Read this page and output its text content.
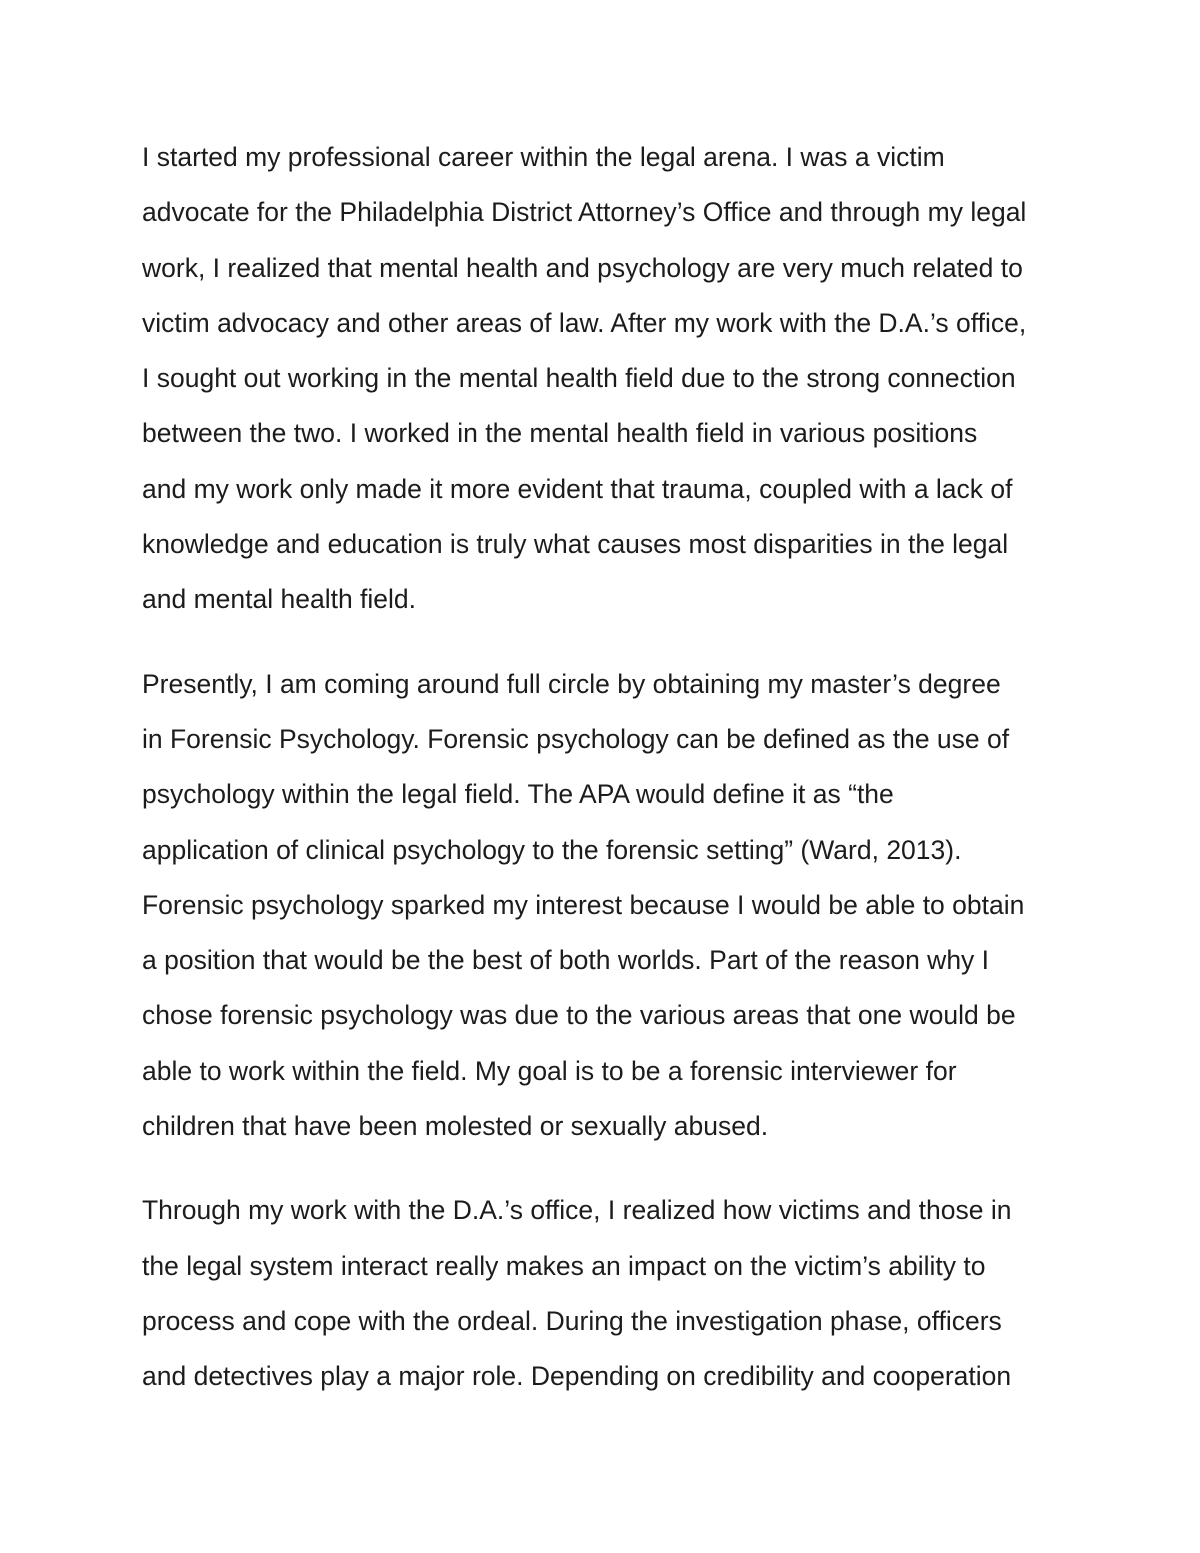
I started my professional career within the legal arena. I was a victim
advocate for the Philadelphia District Attorney’s Office and through my legal
work, I realized that mental health and psychology are very much related to
victim advocacy and other areas of law. After my work with the D.A.’s office,
I sought out working in the mental health field due to the strong connection
between the two. I worked in the mental health field in various positions
and my work only made it more evident that trauma, coupled with a lack of
knowledge and education is truly what causes most disparities in the legal
and mental health field.

Presently, I am coming around full circle by obtaining my master’s degree
in Forensic Psychology. Forensic psychology can be defined as the use of
psychology within the legal field. The APA would define it as “the
application of clinical psychology to the forensic setting” (Ward, 2013).
Forensic psychology sparked my interest because I would be able to obtain
a position that would be the best of both worlds. Part of the reason why I
chose forensic psychology was due to the various areas that one would be
able to work within the field. My goal is to be a forensic interviewer for
children that have been molested or sexually abused.

Through my work with the D.A.’s office, I realized how victims and those in
the legal system interact really makes an impact on the victim’s ability to
process and cope with the ordeal. During the investigation phase, officers
and detectives play a major role. Depending on credibility and cooperation
